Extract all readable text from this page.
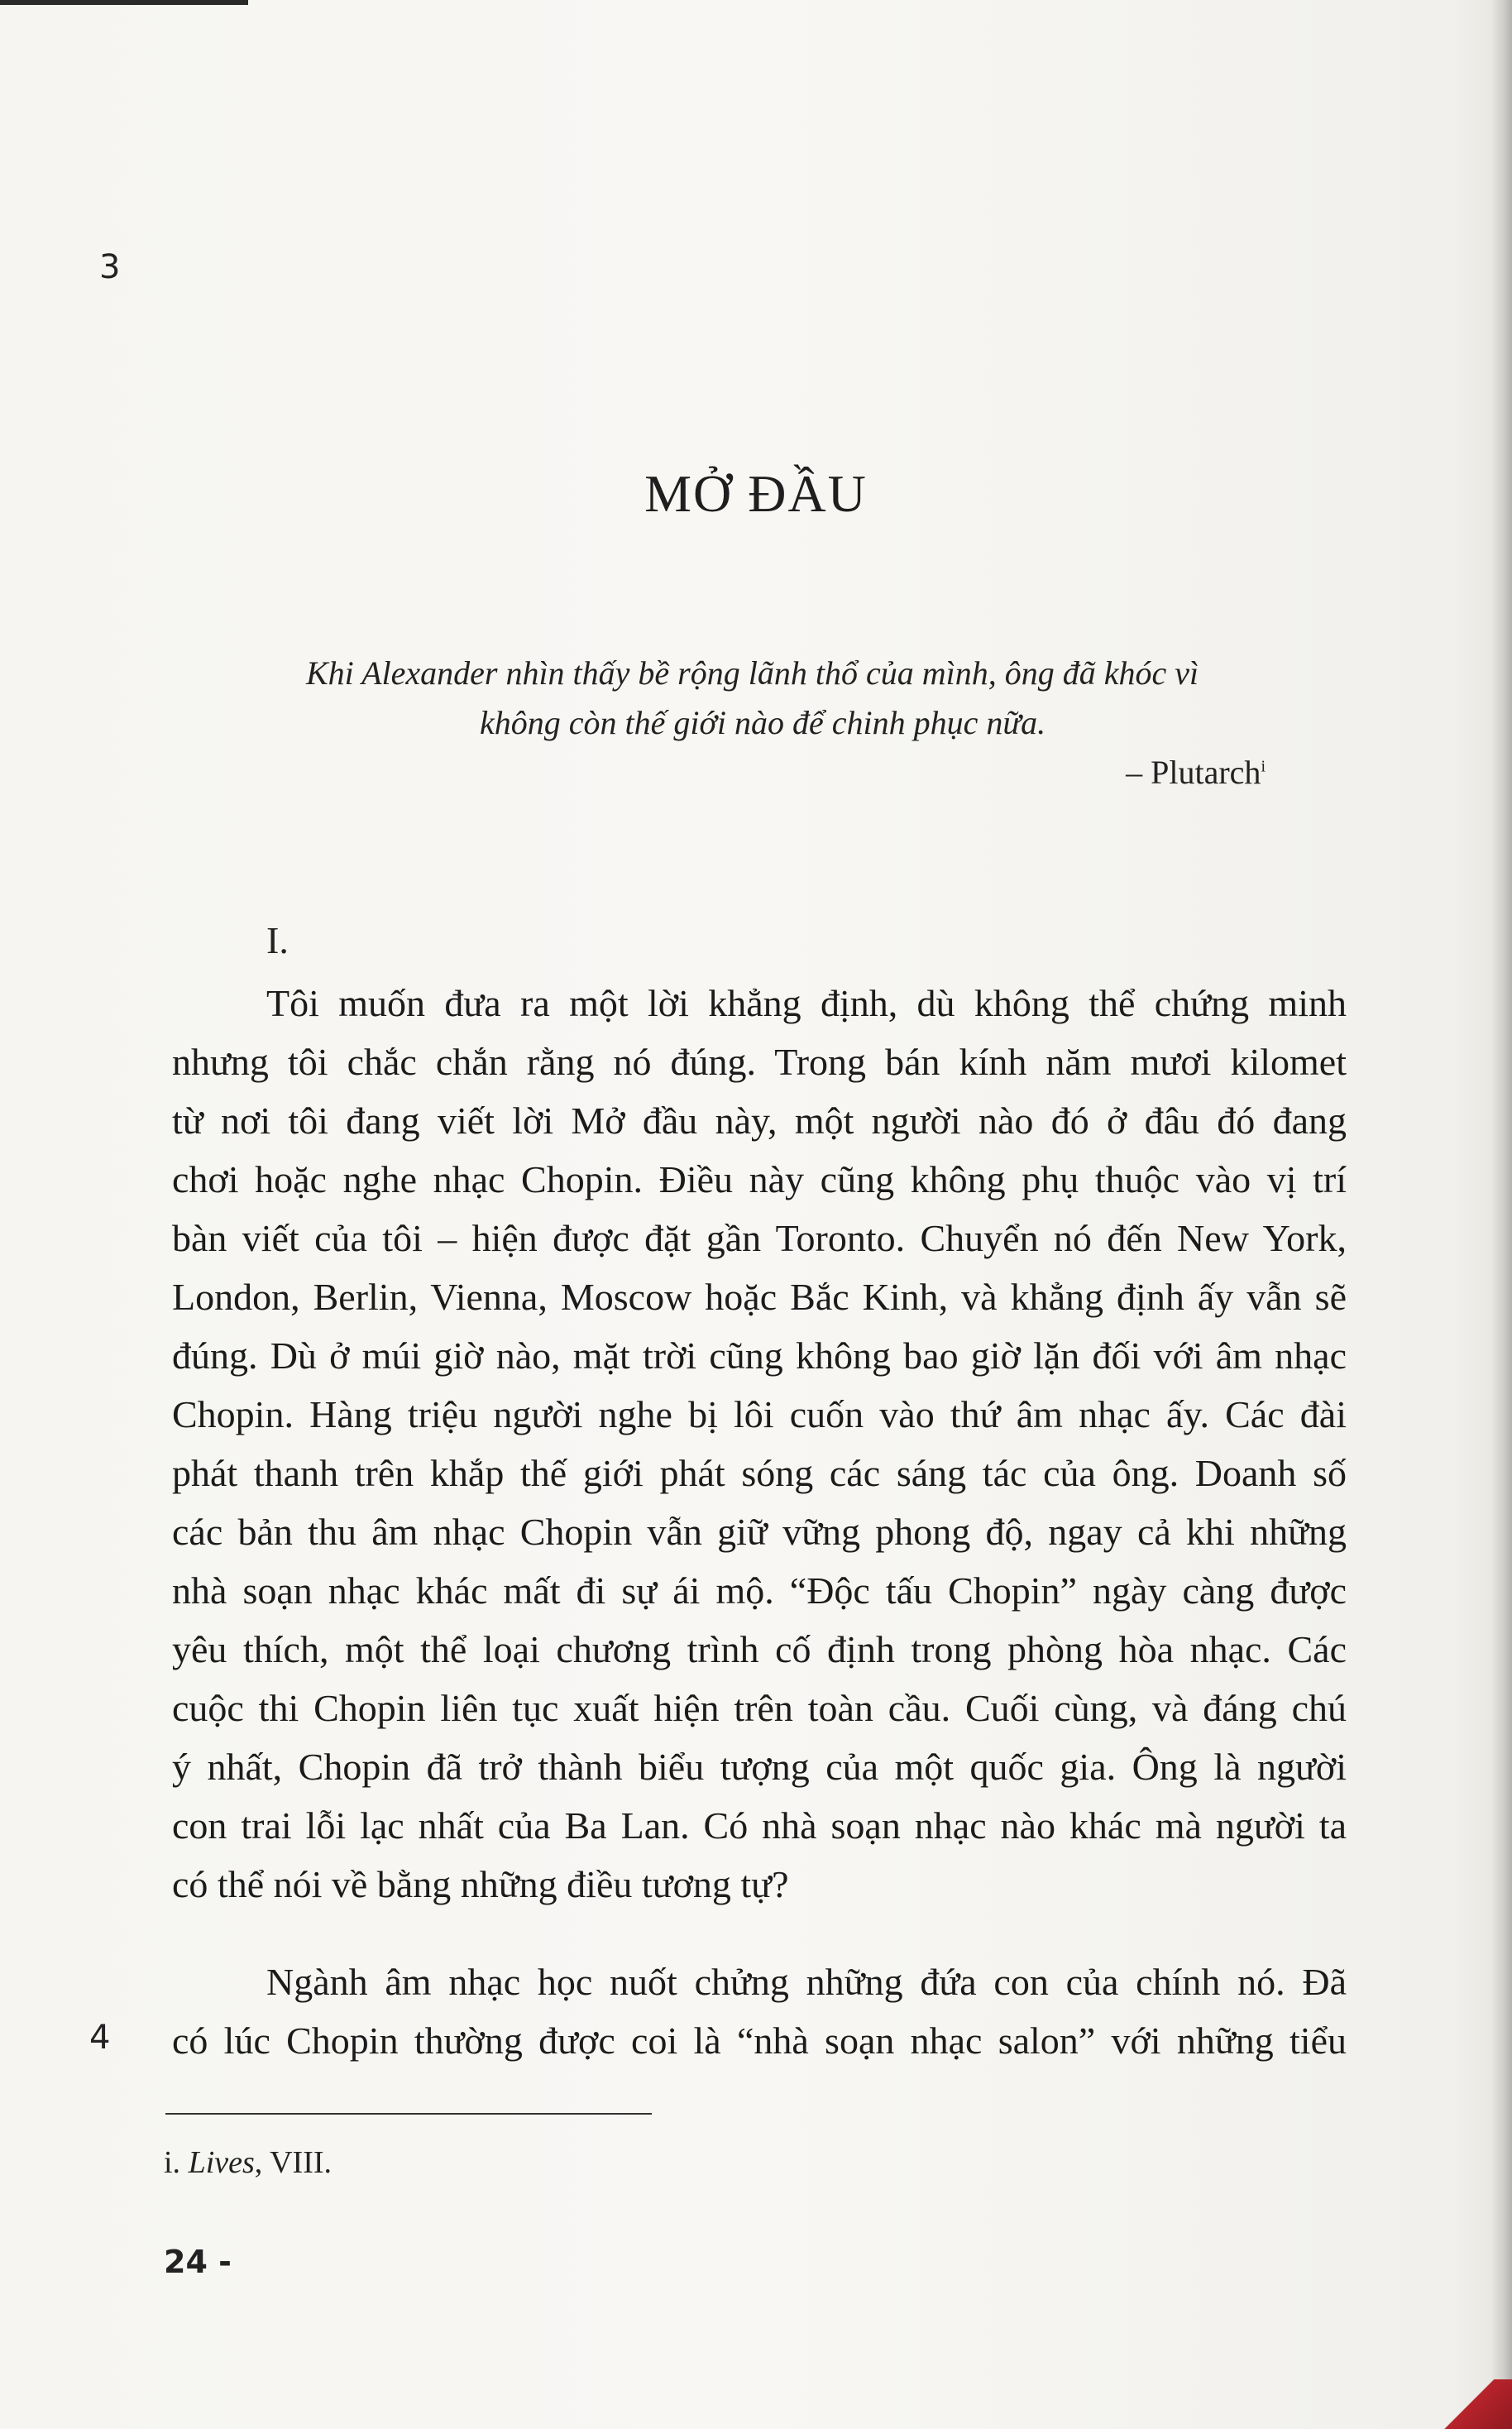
3
MỞ ĐẦU
Khi Alexander nhìn thấy bề rộng lãnh thổ của mình, ông đã khóc vì
không còn thế giới nào để chinh phục nữa.
– Plutarch$^i$
I.
Tôi muốn đưa ra một lời khẳng định, dù không thể chứng minh
nhưng tôi chắc chắn rằng nó đúng. Trong bán kính năm mươi kilomet
từ nơi tôi đang viết lời Mở đầu này, một người nào đó ở đâu đó đang
chơi hoặc nghe nhạc Chopin. Điều này cũng không phụ thuộc vào vị trí
bàn viết của tôi – hiện được đặt gần Toronto. Chuyển nó đến New York,
London, Berlin, Vienna, Moscow hoặc Bắc Kinh, và khẳng định ấy vẫn sẽ
đúng. Dù ở múi giờ nào, mặt trời cũng không bao giờ lặn đối với âm nhạc
Chopin. Hàng triệu người nghe bị lôi cuốn vào thứ âm nhạc ấy. Các đài
phát thanh trên khắp thế giới phát sóng các sáng tác của ông. Doanh số
các bản thu âm nhạc Chopin vẫn giữ vững phong độ, ngay cả khi những
nhà soạn nhạc khác mất đi sự ái mộ. “Độc tấu Chopin” ngày càng được
yêu thích, một thể loại chương trình cố định trong phòng hòa nhạc. Các
cuộc thi Chopin liên tục xuất hiện trên toàn cầu. Cuối cùng, và đáng chú
ý nhất, Chopin đã trở thành biểu tượng của một quốc gia. Ông là người
con trai lỗi lạc nhất của Ba Lan. Có nhà soạn nhạc nào khác mà người ta
có thể nói về bằng những điều tương tự?
4
Ngành âm nhạc học nuốt chửng những đứa con của chính nó. Đã
có lúc Chopin thường được coi là “nhà soạn nhạc salon” với những tiểu
i. Lives, VIII.
24 -
